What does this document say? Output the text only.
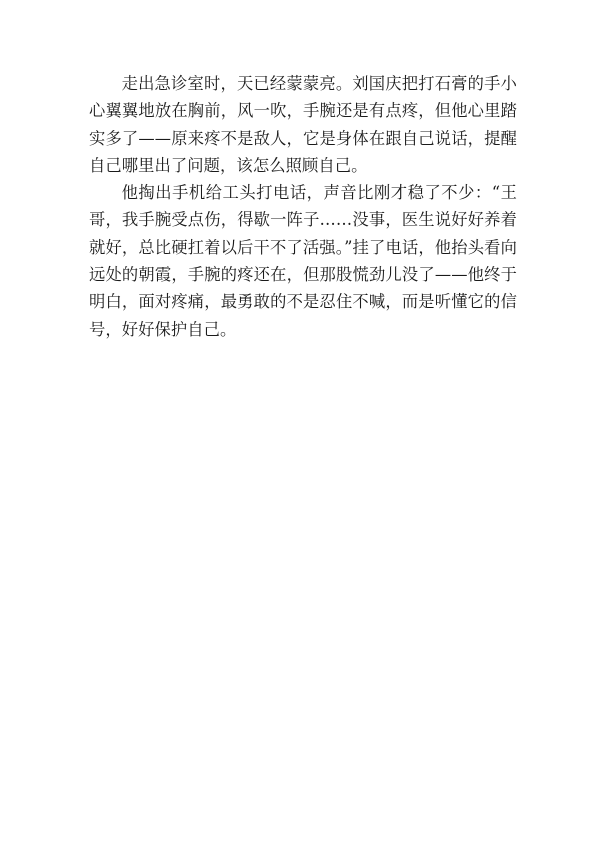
走出急诊室时，天已经蒙蒙亮。刘国庆把打石膏的手小心翼翼地放在胸前，风一吹，手腕还是有点疼，但他心里踏实多了——原来疼不是敌人，它是身体在跟自己说话，提醒自己哪里出了问题，该怎么照顾自己。

他掏出手机给工头打电话，声音比刚才稳了不少：“王哥，我手腕受点伤，得歇一阵子……没事，医生说好好养着就好，总比硬扛着以后干不了活强。”挂了电话，他抬头看向远处的朝霞，手腕的疼还在，但那股慌劲儿没了——他终于明白，面对疼痛，最勇敢的不是忍住不喊，而是听懂它的信号，好好保护自己。
